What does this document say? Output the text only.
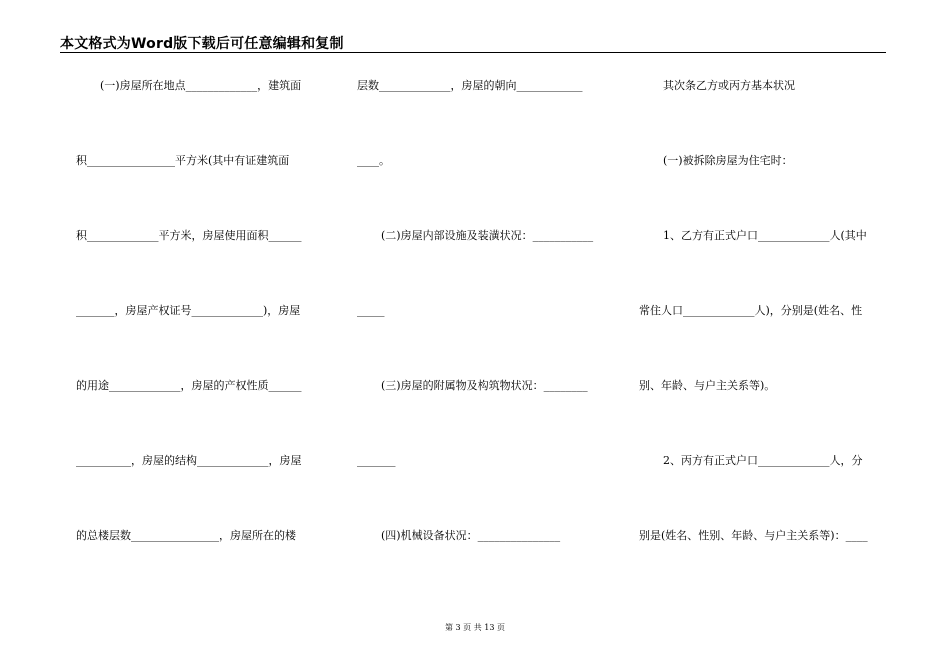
本文格式为Word版下载后可任意编辑和复制
(一)房屋所在地点_____________，建筑面
积________________平方米(其中有证建筑面
积_____________平方米，房屋使用面积______
_______，房屋产权证号_____________)，房屋
的用途_____________，房屋的产权性质______
__________，房屋的结构_____________，房屋
的总楼层数________________，房屋所在的楼
层数_____________，房屋的朝向____________
____。
(二)房屋内部设施及装潢状况：___________
_____
(三)房屋的附属物及构筑物状况：________
_______
(四)机械设备状况：_______________
其次条乙方或丙方基本状况
(一)被拆除房屋为住宅时：
1、乙方有正式户口_____________人(其中
常住人口_____________人)，分别是(姓名、性
别、年龄、与户主关系等)。
2、丙方有正式户口_____________人，分
别是(姓名、性别、年龄、与户主关系等)：____
第 3 页 共 13 页
